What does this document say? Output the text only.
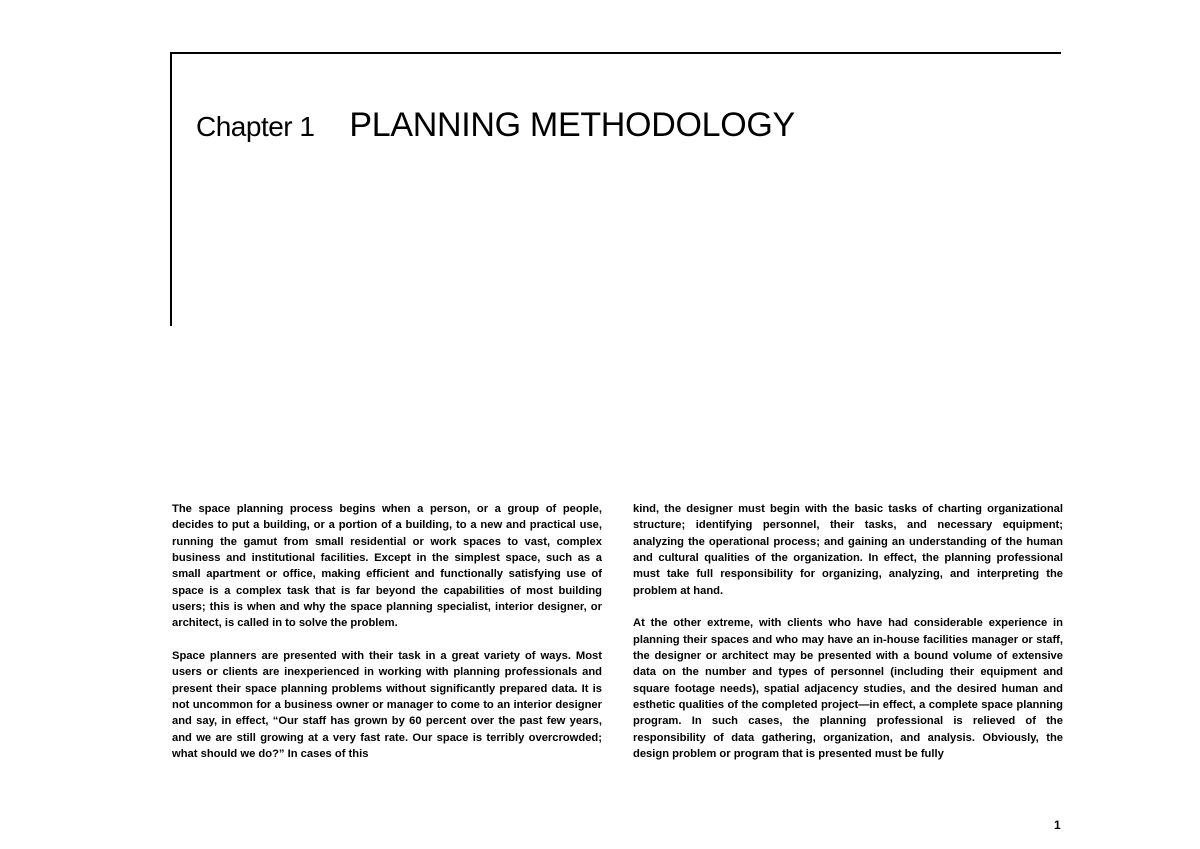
Chapter 1 PLANNING METHODOLOGY

The space planning process begins when a person, or a group of people, decides to put a building, or a portion of a building, to a new and practical use, running the gamut from small residential or work spaces to vast, complex business and institutional facilities. Except in the simplest space, such as a small apartment or office, making efficient and functionally satisfying use of space is a complex task that is far beyond the capabilities of most building users; this is when and why the space planning specialist, interior designer, or architect, is called in to solve the problem.

Space planners are presented with their task in a great variety of ways. Most users or clients are inexperienced in working with planning professionals and present their space planning problems without significantly prepared data. It is not uncommon for a business owner or manager to come to an interior designer and say, in effect, “Our staff has grown by 60 percent over the past few years, and we are still growing at a very fast rate. Our space is terribly overcrowded; what should we do?” In cases of this

kind, the designer must begin with the basic tasks of charting organizational structure; identifying personnel, their tasks, and necessary equipment; analyzing the operational process; and gaining an understanding of the human and cultural qualities of the organization. In effect, the planning professional must take full responsibility for organizing, analyzing, and interpreting the problem at hand.

At the other extreme, with clients who have had considerable experience in planning their spaces and who may have an in-house facilities manager or staff, the designer or architect may be presented with a bound volume of extensive data on the number and types of personnel (including their equipment and square footage needs), spatial adjacency studies, and the desired human and esthetic qualities of the completed project—in effect, a complete space planning program. In such cases, the planning professional is relieved of the responsibility of data gathering, organization, and analysis. Obviously, the design problem or program that is presented must be fully

1
